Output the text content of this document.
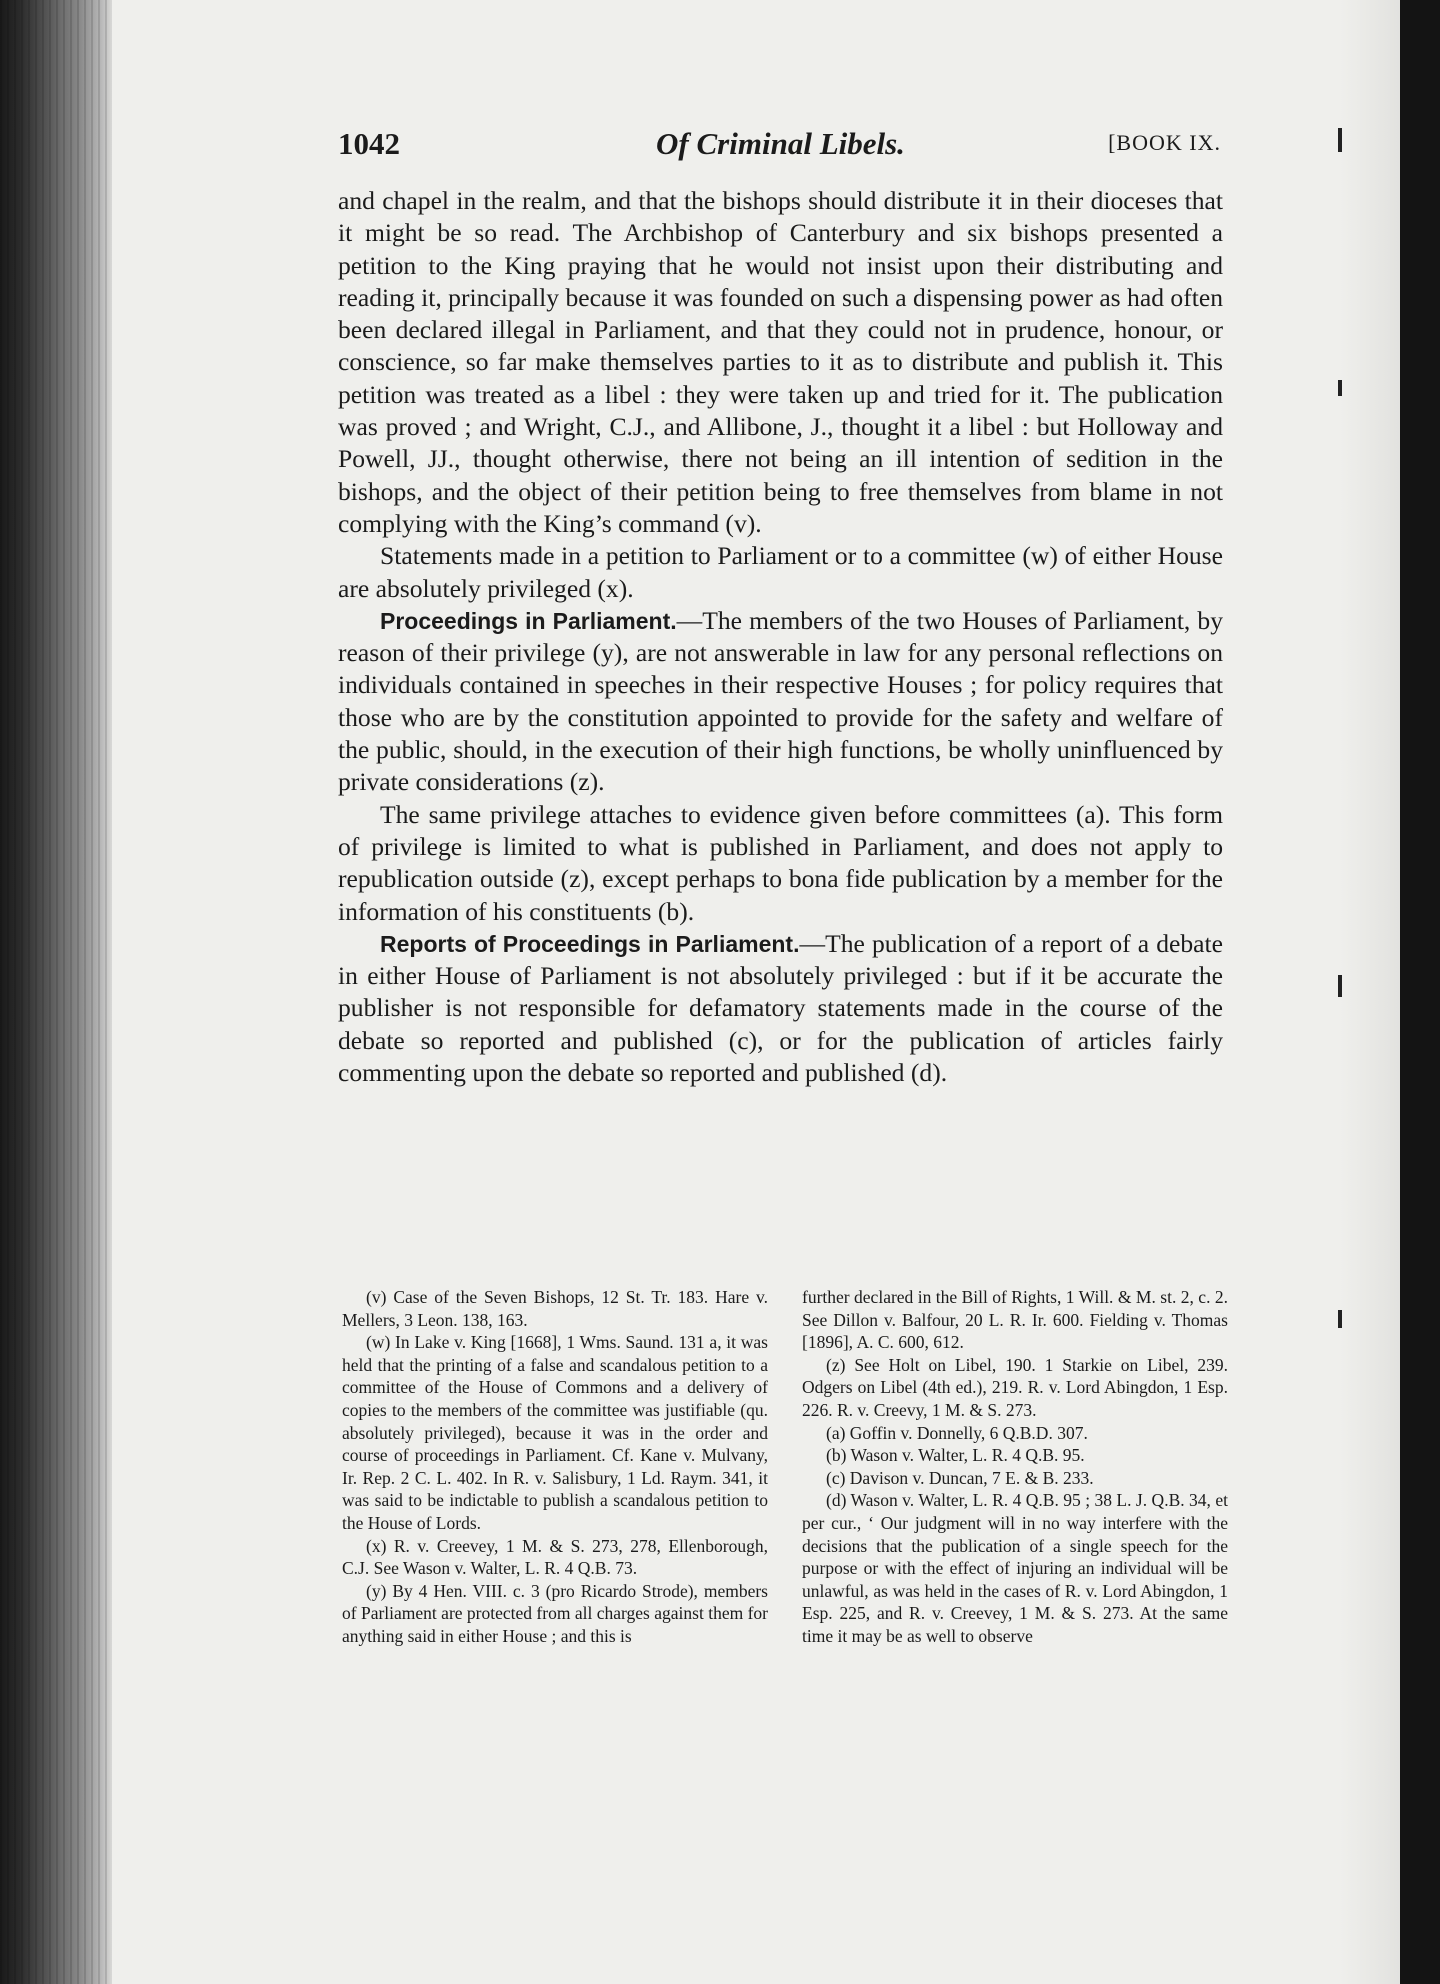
1042	Of Criminal Libels.	[BOOK IX.

and chapel in the realm, and that the bishops should distribute it in their dioceses that it might be so read. The Archbishop of Canterbury and six bishops presented a petition to the King praying that he would not insist upon their distributing and reading it, principally because it was founded on such a dispensing power as had often been declared illegal in Parliament, and that they could not in prudence, honour, or conscience, so far make themselves parties to it as to distribute and publish it. This petition was treated as a libel : they were taken up and tried for it. The publication was proved ; and Wright, C.J., and Allibone, J., thought it a libel : but Holloway and Powell, JJ., thought otherwise, there not being an ill intention of sedition in the bishops, and the object of their petition being to free themselves from blame in not complying with the King’s command (v).

Statements made in a petition to Parliament or to a committee (w) of either House are absolutely privileged (x).

Proceedings in Parliament.—The members of the two Houses of Parliament, by reason of their privilege (y), are not answerable in law for any personal reflections on individuals contained in speeches in their respective Houses ; for policy requires that those who are by the constitution appointed to provide for the safety and welfare of the public, should, in the execution of their high functions, be wholly uninfluenced by private considerations (z).

The same privilege attaches to evidence given before committees (a). This form of privilege is limited to what is published in Parliament, and does not apply to republication outside (z), except perhaps to bona fide publication by a member for the information of his constituents (b).

Reports of Proceedings in Parliament.—The publication of a report of a debate in either House of Parliament is not absolutely privileged : but if it be accurate the publisher is not responsible for defamatory statements made in the course of the debate so reported and published (c), or for the publication of articles fairly commenting upon the debate so reported and published (d).

(v) Case of the Seven Bishops, 12 St. Tr. 183. Hare v. Mellers, 3 Leon. 138, 163.

(w) In Lake v. King [1668], 1 Wms. Saund. 131 a, it was held that the printing of a false and scandalous petition to a committee of the House of Commons and a delivery of copies to the members of the committee was justifiable (qu. absolutely privileged), because it was in the order and course of proceedings in Parliament. Cf. Kane v. Mulvany, Ir. Rep. 2 C. L. 402. In R. v. Salisbury, 1 Ld. Raym. 341, it was said to be indictable to publish a scandalous petition to the House of Lords.

(x) R. v. Creevey, 1 M. & S. 273, 278, Ellenborough, C.J. See Wason v. Walter, L. R. 4 Q.B. 73.

(y) By 4 Hen. VIII. c. 3 (pro Ricardo Strode), members of Parliament are protected from all charges against them for anything said in either House ; and this is

further declared in the Bill of Rights, 1 Will. & M. st. 2, c. 2. See Dillon v. Balfour, 20 L. R. Ir. 600. Fielding v. Thomas [1896], A. C. 600, 612.

(z) See Holt on Libel, 190. 1 Starkie on Libel, 239. Odgers on Libel (4th ed.), 219. R. v. Lord Abingdon, 1 Esp. 226. R. v. Creevy, 1 M. & S. 273.

(a) Goffin v. Donnelly, 6 Q.B.D. 307.

(b) Wason v. Walter, L. R. 4 Q.B. 95.

(c) Davison v. Duncan, 7 E. & B. 233.

(d) Wason v. Walter, L. R. 4 Q.B. 95 ; 38 L. J. Q.B. 34, et per cur., ‘ Our judgment will in no way interfere with the decisions that the publication of a single speech for the purpose or with the effect of injuring an individual will be unlawful, as was held in the cases of R. v. Lord Abingdon, 1 Esp. 225, and R. v. Creevey, 1 M. & S. 273. At the same time it may be as well to observe
